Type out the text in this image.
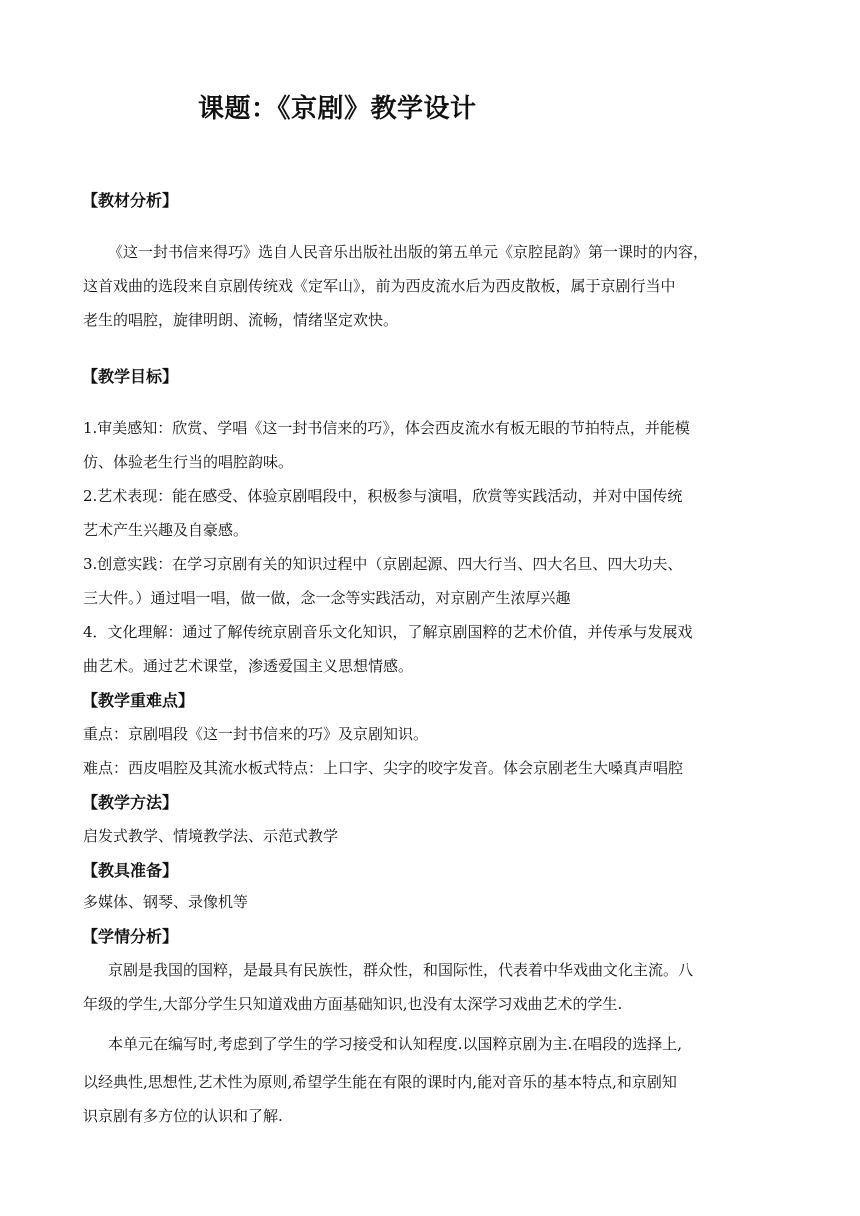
课题：《京剧》教学设计
【教材分析】
《这一封书信来得巧》选自人民音乐出版社出版的第五单元《京腔昆韵》第一课时的内容，
这首戏曲的选段来自京剧传统戏《定军山》，前为西皮流水后为西皮散板，属于京剧行当中
老生的唱腔，旋律明朗、流畅，情绪坚定欢快。
【教学目标】
1.审美感知：欣赏、学唱《这一封书信来的巧》，体会西皮流水有板无眼的节拍特点，并能模
仿、体验老生行当的唱腔韵味。
2.艺术表现：能在感受、体验京剧唱段中，积极参与演唱，欣赏等实践活动，并对中国传统
艺术产生兴趣及自豪感。
3.创意实践：在学习京剧有关的知识过程中（京剧起源、四大行当、四大名旦、四大功夫、
三大件。）通过唱一唱，做一做，念一念等实践活动，对京剧产生浓厚兴趣
4．文化理解：通过了解传统京剧音乐文化知识，了解京剧国粹的艺术价值，并传承与发展戏
曲艺术。通过艺术课堂，渗透爱国主义思想情感。
【教学重难点】
重点：京剧唱段《这一封书信来的巧》及京剧知识。
难点：西皮唱腔及其流水板式特点：上口字、尖字的咬字发音。体会京剧老生大嗓真声唱腔
【教学方法】
启发式教学、情境教学法、示范式教学
【教具准备】
多媒体、钢琴、录像机等
【学情分析】
京剧是我国的国粹，是最具有民族性，群众性，和国际性，代表着中华戏曲文化主流。八
年级的学生,大部分学生只知道戏曲方面基础知识,也没有太深学习戏曲艺术的学生.
本单元在编写时,考虑到了学生的学习接受和认知程度.以国粹京剧为主.在唱段的选择上,
以经典性,思想性,艺术性为原则,希望学生能在有限的课时内,能对音乐的基本特点,和京剧知
识京剧有多方位的认识和了解.
